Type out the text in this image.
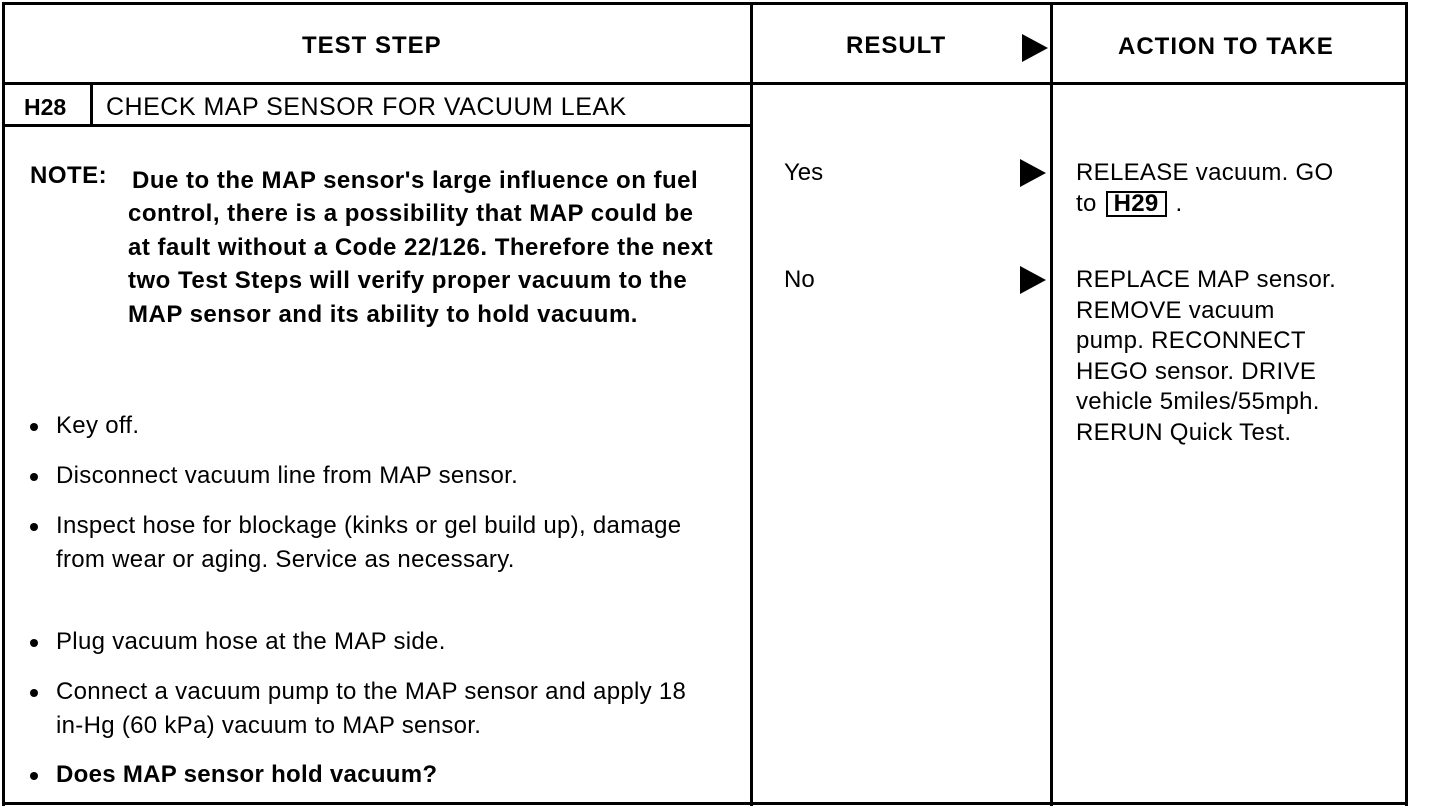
TEST STEP	RESULT	ACTION TO TAKE
H28 CHECK MAP SENSOR FOR VACUUM LEAK
NOTE: Due to the MAP sensor's large influence on fuel control, there is a possibility that MAP could be at fault without a Code 22/126. Therefore the next two Test Steps will verify proper vacuum to the MAP sensor and its ability to hold vacuum.

Key off.
Disconnect vacuum line from MAP sensor.
Inspect hose for blockage (kinks or gel build up), damage from wear or aging. Service as necessary.
Plug vacuum hose at the MAP side.
Connect a vacuum pump to the MAP sensor and apply 18 in-Hg (60 kPa) vacuum to MAP sensor.
Does MAP sensor hold vacuum?
Yes	RELEASE vacuum. GO
to H29 .
No	REPLACE MAP sensor.
REMOVE vacuum
pump. RECONNECT
HEGO sensor. DRIVE
vehicle 5miles/55mph.
RERUN Quick Test.
